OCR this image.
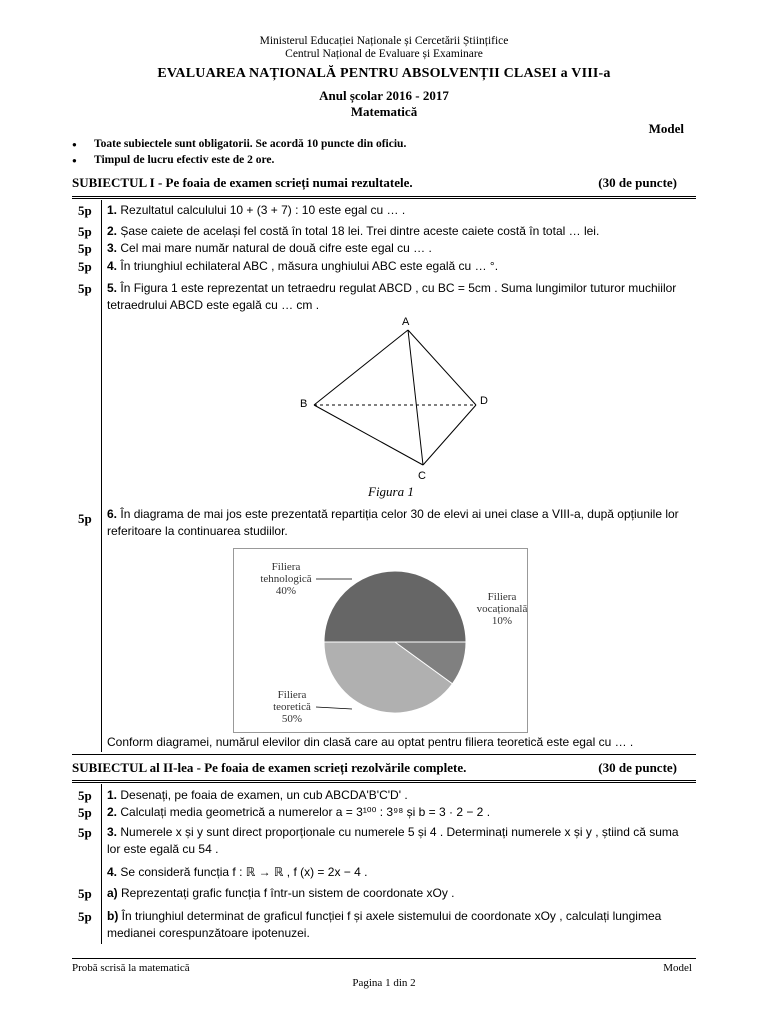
Ministerul Educației Naționale și Cercetării Științifice
Centrul Național de Evaluare și Examinare
EVALUAREA NAȚIONALĂ PENTRU ABSOLVENȚII CLASEI a VIII-a
Anul școlar 2016 - 2017
Matematică
Model
● Toate subiectele sunt obligatorii. Se acordă 10 puncte din oficiu.
● Timpul de lucru efectiv este de 2 ore.
SUBIECTUL I - Pe foaia de examen scrieți numai rezultatele.	(30 de puncte)
5p 1. Rezultatul calculului 10 + (3 + 7) : 10 este egal cu … .
5p 2. Șase caiete de același fel costă în total 18 lei. Trei dintre aceste caiete costă în total … lei.
5p 3. Cel mai mare număr natural de două cifre este egal cu … .
5p 4. În triunghiul echilateral ABC , măsura unghiului ABC este egală cu … °.
5p 5. În Figura 1 este reprezentat un tetraedru regulat ABCD , cu BC = 5cm . Suma lungimilor tuturor muchiilor tetraedrului ABCD este egală cu … cm .
A
B
C
D
Figura 1
5p 6. În diagrama de mai jos este prezentată repartiția celor 30 de elevi ai unei clase a VIII-a, după opțiunile lor referitoare la continuarea studiilor.
Filiera
tehnologică
40%	Filiera
vocațională
10%
Filiera
teoretică
50%
Conform diagramei, numărul elevilor din clasă care au optat pentru filiera teoretică este egal cu … .
SUBIECTUL al II-lea - Pe foaia de examen scrieți rezolvările complete.	(30 de puncte)
5p 1. Desenați, pe foaia de examen, un cub ABCDA'B'C'D' .
5p 2. Calculați media geometrică a numerelor a = 3¹⁰⁰ : 3⁹⁸ și b = 3 · 2 − 2 .
5p 3. Numerele x și y sunt direct proporționale cu numerele 5 și 4 . Determinați numerele x și y , știind că suma lor este egală cu 54 .
4. Se consideră funcția f : ℝ → ℝ , f (x) = 2x − 4 .
5p a) Reprezentați grafic funcția f într-un sistem de coordonate xOy .
5p b) În triunghiul determinat de graficul funcției f și axele sistemului de coordonate xOy , calculați lungimea medianei corespunzătoare ipotenuzei.
Probă scrisă la matematică	Model
Pagina 1 din 2
